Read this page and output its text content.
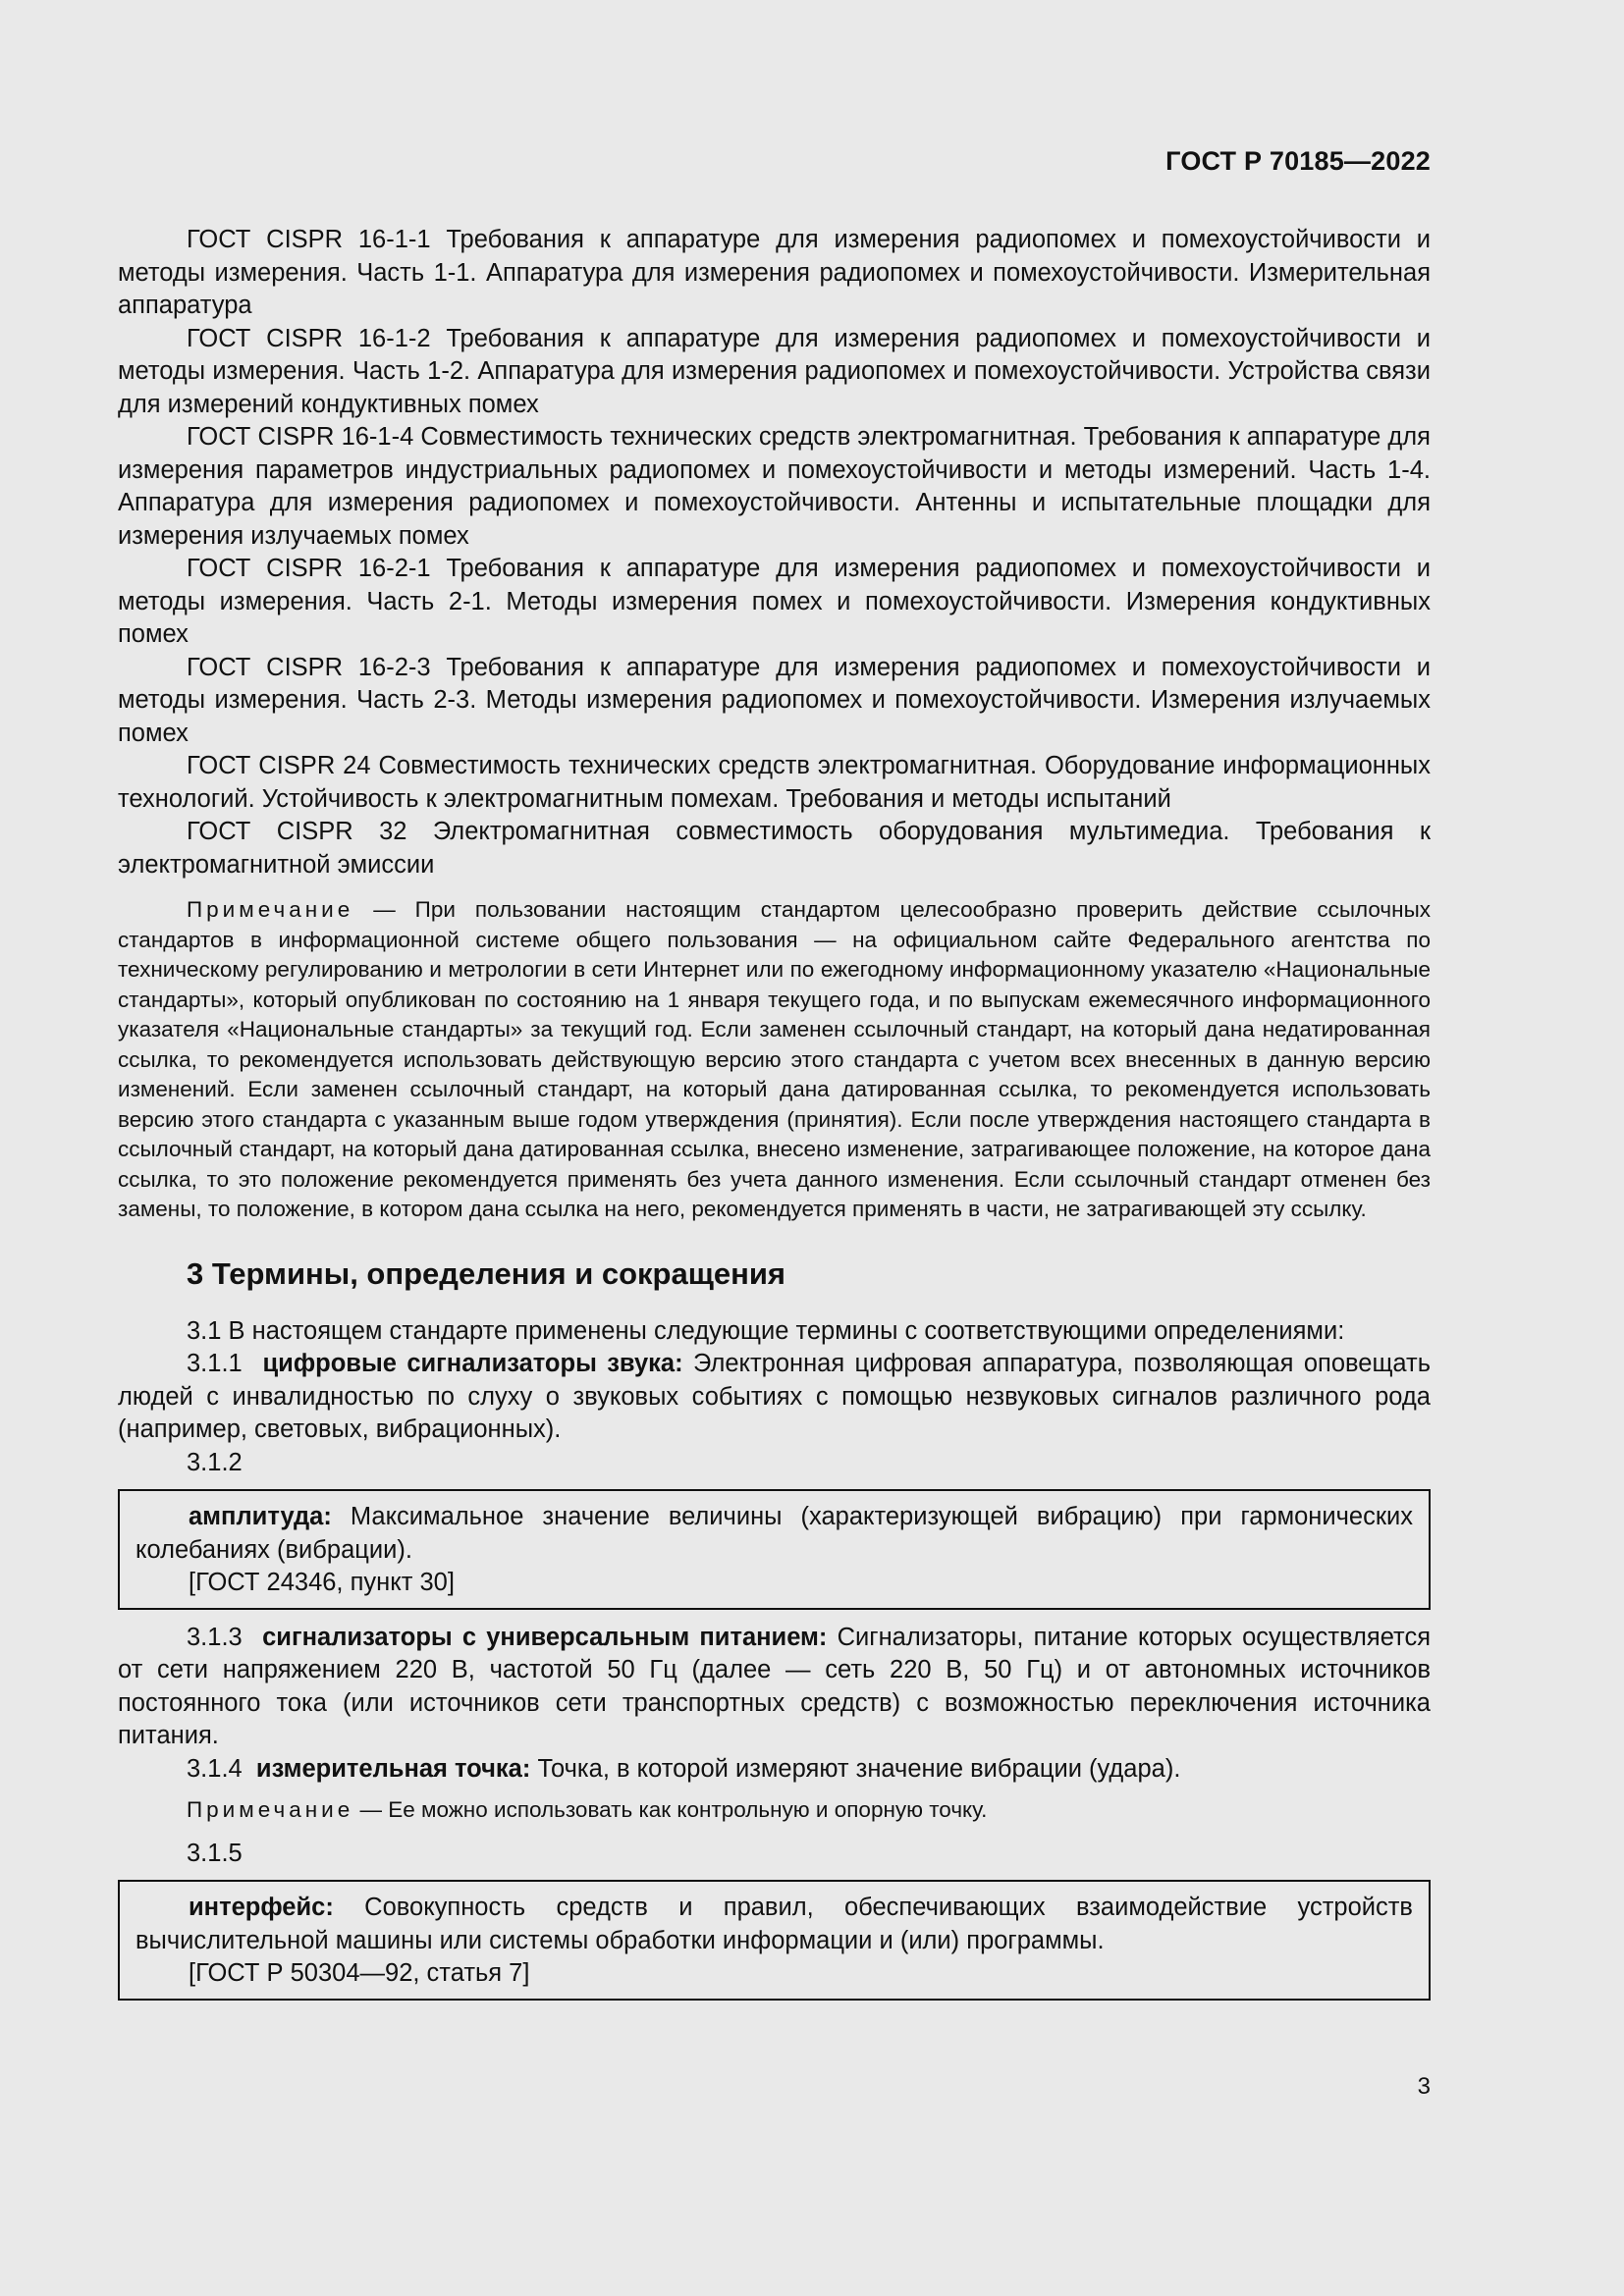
ГОСТ Р 70185—2022

ГОСТ CISPR 16-1-1 Требования к аппаратуре для измерения радиопомех и помехоустойчивости и методы измерения. Часть 1-1. Аппаратура для измерения радиопомех и помехоустойчивости. Измерительная аппаратура

ГОСТ CISPR 16-1-2 Требования к аппаратуре для измерения радиопомех и помехоустойчивости и методы измерения. Часть 1-2. Аппаратура для измерения радиопомех и помехоустойчивости. Устройства связи для измерений кондуктивных помех

ГОСТ CISPR 16-1-4 Совместимость технических средств электромагнитная. Требования к аппаратуре для измерения параметров индустриальных радиопомех и помехоустойчивости и методы измерений. Часть 1-4. Аппаратура для измерения радиопомех и помехоустойчивости. Антенны и испытательные площадки для измерения излучаемых помех

ГОСТ CISPR 16-2-1 Требования к аппаратуре для измерения радиопомех и помехоустойчивости и методы измерения. Часть 2-1. Методы измерения помех и помехоустойчивости. Измерения кондуктивных помех

ГОСТ CISPR 16-2-3 Требования к аппаратуре для измерения радиопомех и помехоустойчивости и методы измерения. Часть 2-3. Методы измерения радиопомех и помехоустойчивости. Измерения излучаемых помех

ГОСТ CISPR 24 Совместимость технических средств электромагнитная. Оборудование информационных технологий. Устойчивость к электромагнитным помехам. Требования и методы испытаний

ГОСТ CISPR 32 Электромагнитная совместимость оборудования мультимедиа. Требования к электромагнитной эмиссии

Примечание — При пользовании настоящим стандартом целесообразно проверить действие ссылочных стандартов в информационной системе общего пользования — на официальном сайте Федерального агентства по техническому регулированию и метрологии в сети Интернет или по ежегодному информационному указателю «Национальные стандарты», который опубликован по состоянию на 1 января текущего года, и по выпускам ежемесячного информационного указателя «Национальные стандарты» за текущий год. Если заменен ссылочный стандарт, на который дана недатированная ссылка, то рекомендуется использовать действующую версию этого стандарта с учетом всех внесенных в данную версию изменений. Если заменен ссылочный стандарт, на который дана датированная ссылка, то рекомендуется использовать версию этого стандарта с указанным выше годом утверждения (принятия). Если после утверждения настоящего стандарта в ссылочный стандарт, на который дана датированная ссылка, внесено изменение, затрагивающее положение, на которое дана ссылка, то это положение рекомендуется применять без учета данного изменения. Если ссылочный стандарт отменен без замены, то положение, в котором дана ссылка на него, рекомендуется применять в части, не затрагивающей эту ссылку.

3 Термины, определения и сокращения

3.1 В настоящем стандарте применены следующие термины с соответствующими определениями:

3.1.1 цифровые сигнализаторы звука: Электронная цифровая аппаратура, позволяющая оповещать людей с инвалидностью по слуху о звуковых событиях с помощью незвуковых сигналов различного рода (например, световых, вибрационных).

3.1.2

амплитуда: Максимальное значение величины (характеризующей вибрацию) при гармонических колебаниях (вибрации).

[ГОСТ 24346, пункт 30]

3.1.3 сигнализаторы с универсальным питанием: Сигнализаторы, питание которых осуществляется от сети напряжением 220 В, частотой 50 Гц (далее — сеть 220 В, 50 Гц) и от автономных источников постоянного тока (или источников сети транспортных средств) с возможностью переключения источника питания.

3.1.4 измерительная точка: Точка, в которой измеряют значение вибрации (удара).

Примечание — Ее можно использовать как контрольную и опорную точку.

3.1.5

интерфейс: Совокупность средств и правил, обеспечивающих взаимодействие устройств вычислительной машины или системы обработки информации и (или) программы.

[ГОСТ Р 50304—92, статья 7]

3
